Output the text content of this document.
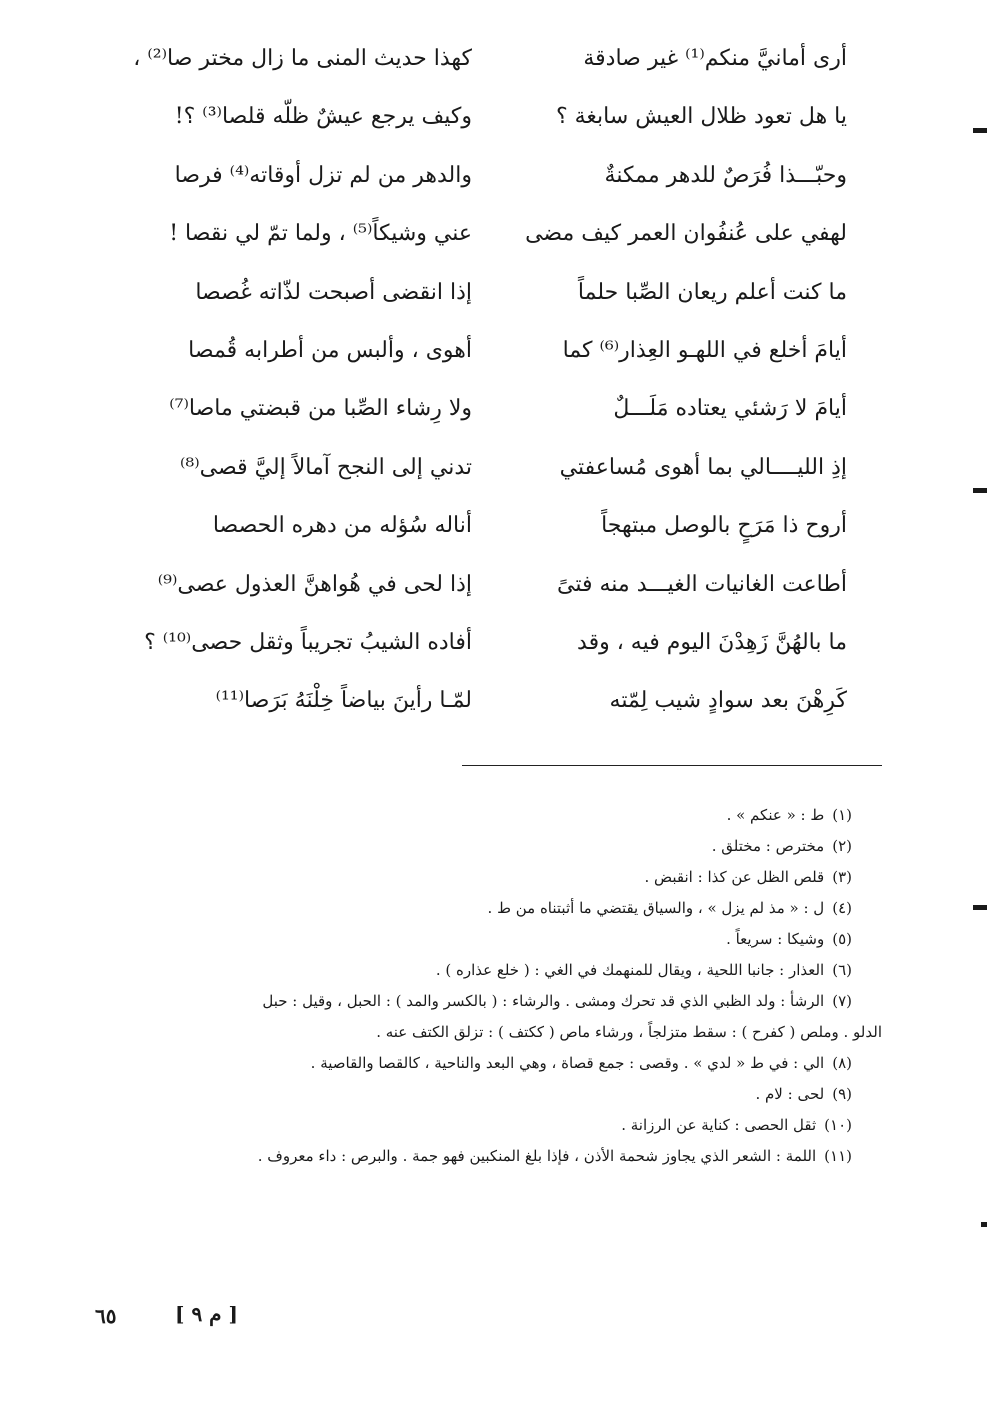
أرى أمانيَّ منكم⁽¹⁾ غير صادقة
كهذا حديث المنى ما زال مختر صا⁽²⁾ ،
يا هل تعود ظلال العيش سابغة ؟
وكيف يرجع عيشٌ ظلّه قلصا⁽³⁾ ؟!
وحبّـــذا فُرَصٌ للدهر ممكنةٌ
والدهر من لم تزل أوقاته⁽⁴⁾ فرصا
لهفي على عُنفُوان العمر كيف مضى
عني وشيكاً⁽⁵⁾ ، ولما تمّ لي نقصا !
ما كنت أعلم ريعان الصِّبا حلماً
إذا انقضى أصبحت لذّاته غُصصا
أيامَ أخلع في اللهـو العِذار⁽⁶⁾ كما
أهوى ، وألبس من أطرابه قُمصا
أيامَ لا رَشئي يعتاده مَلَـــلٌ
ولا رِشاء الصِّبا من قبضتي ماصا⁽⁷⁾
إذِ الليــــالي بما أهوى مُساعفتي
تدني إلى النجح آمالاً إليَّ قصى⁽⁸⁾
أروح ذا مَرَحٍ بالوصل مبتهجاً
أناله سُؤله من دهره الحصصا
أطاعت الغانيات الغيـــد منه فتىً
إذا لحى في هُواهنَّ العذول عصى⁽⁹⁾
ما بالهُنَّ زَهِدْنَ اليوم فيه ، وقد
أفاده الشيبُ تجريباً وثقل حصى⁽¹⁰⁾ ؟
كَرِهْنَ بعد سوادٍ شيب لِمّته
لمّـا رأينَ بياضاً خِلْنَهُ بَرَصا⁽¹¹⁾
(١)ط : « عنكم » .
(٢)مخترص : مختلق .
(٣)قلص الظل عن كذا : انقبض .
(٤)ل : « مذ لم يزل » ، والسياق يقتضي ما أثبتناه من ط .
(٥)وشيكا : سريعاً .
(٦)العذار : جانبا اللحية ، ويقال للمنهمك في الغي : ( خلع عذاره ) .
(٧)الرشأ : ولد الظبي الذي قد تحرك ومشى . والرشاء : ( بالكسر والمد ) : الحبل ، وقيل : حبل
الدلو . وملص ( كفرح ) : سقط متزلجاً ، ورشاء ماص ( ككتف ) : تزلق الكتف عنه .
(٨)الي : في ط « لدي » . وقصى : جمع قصاة ، وهي البعد والناحية ، كالقصا والقاصية .
(٩)لحى : لام .
(١٠)ثقل الحصى : كناية عن الرزانة .
(١١)اللمة : الشعر الذي يجاوز شحمة الأذن ، فإذا بلغ المنكبين فهو جمة . والبرص : داء معروف .
٦٥	[ م ٩ ]
